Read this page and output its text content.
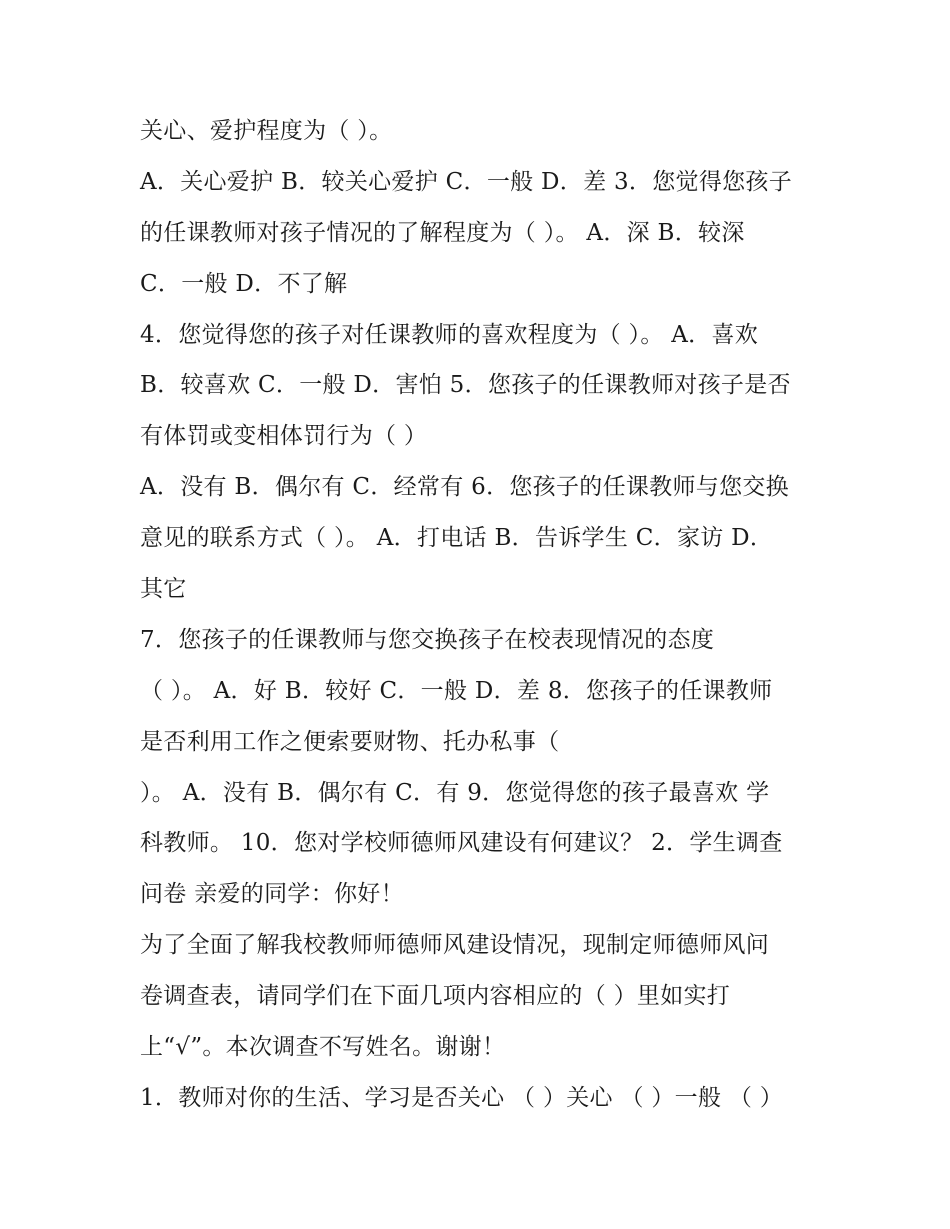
关心、爱护程度为（ ）。
A．关心爱护 B．较关心爱护 C．一般 D．差 3．您觉得您孩子
的任课教师对孩子情况的了解程度为（ ）。 A．深 B．较深
C．一般 D．不了解
4．您觉得您的孩子对任课教师的喜欢程度为（ ）。 A．喜欢
B．较喜欢 C．一般 D．害怕 5．您孩子的任课教师对孩子是否
有体罚或变相体罚行为（ ）
A．没有 B．偶尔有 C．经常有 6．您孩子的任课教师与您交换
意见的联系方式（ ）。 A．打电话 B．告诉学生 C．家访 D．
其它
7．您孩子的任课教师与您交换孩子在校表现情况的态度
（ ）。 A．好 B．较好 C．一般 D．差 8．您孩子的任课教师
是否利用工作之便索要财物、托办私事（
）。 A．没有 B．偶尔有 C．有 9．您觉得您的孩子最喜欢 学
科教师。 10．您对学校师德师风建设有何建议？ 2．学生调查
问卷 亲爱的同学：你好！
为了全面了解我校教师师德师风建设情况，现制定师德师风问
卷调查表，请同学们在下面几项内容相应的（ ）里如实打
上“√”。本次调查不写姓名。谢谢！
1．教师对你的生活、学习是否关心 （ ）关心 （ ）一般 （ ）
